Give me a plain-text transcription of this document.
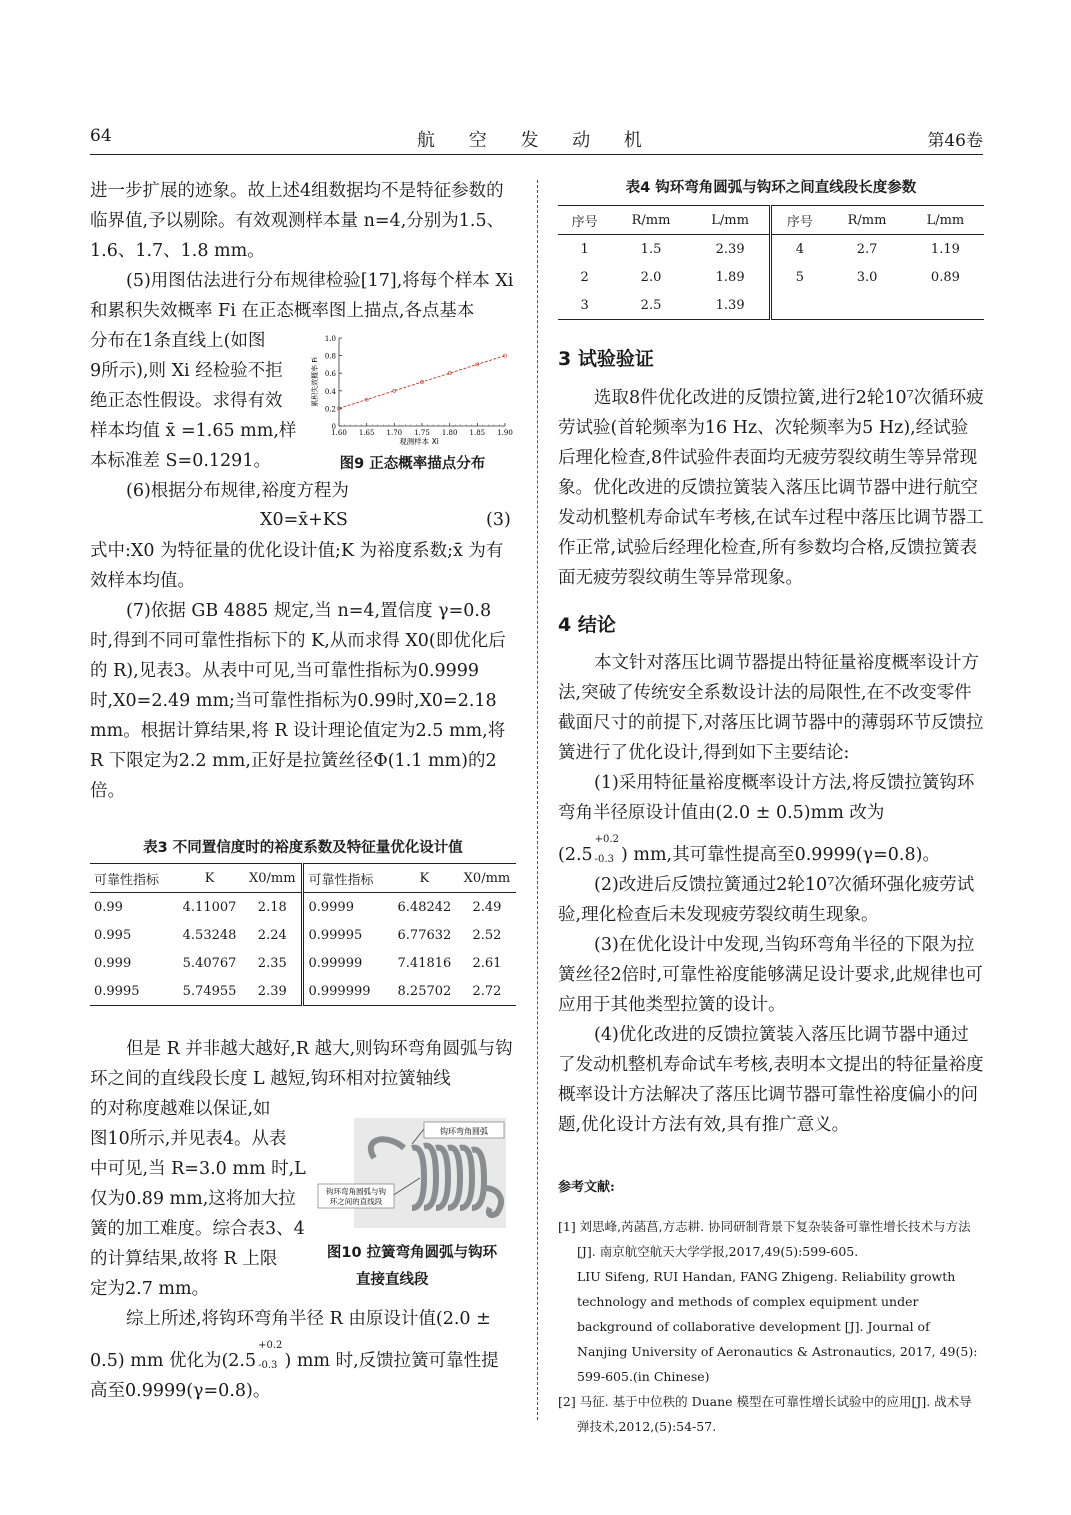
64	航 空 发 动 机	第46卷

进一步扩展的迹象。故上述4组数据均不是特征参数的临界值,予以剔除。有效观测样本量 n=4,分别为1.5、1.6、1.7、1.8 mm。

(5)用图估法进行分布规律检验[17],将每个样本 Xi 和累积失效概率 Fi 在正态概率图上描点,各点基本

分布在1条直线上(如图

9所示),则 Xi 经检验不拒

绝正态性假设。求得有效

样本均值 x̄ =1.65 mm,样

本标准差 S=0.1291。

0
0.2
0.4
0.6
0.8
1.0
1.60 1.65 1.70 1.75 1.80 1.85 1.90
观测样本 Xi
累积失效概率 Fi
图9 正态概率描点分布

(6)根据分布规律,裕度方程为

X0=x̄+KS	(3)

式中:X0 为特征量的优化设计值;K 为裕度系数;x̄ 为有效样本均值。

(7)依据 GB 4885 规定,当 n=4,置信度 γ=0.8 时,得到不同可靠性指标下的 K,从而求得 X0(即优化后的 R),见表3。从表中可见,当可靠性指标为0.9999时,X0=2.49 mm;当可靠性指标为0.99时,X0=2.18 mm。根据计算结果,将 R 设计理论值定为2.5 mm,将 R 下限定为2.2 mm,正好是拉簧丝径Φ(1.1 mm)的2倍。

表3 不同置信度时的裕度系数及特征量优化设计值
可靠性指标	K	X0/mm	可靠性指标	K	X0/mm
0.99	4.11007	2.18	0.9999	6.48242	2.49
0.995	4.53248	2.24	0.99995	6.77632	2.52
0.999	5.40767	2.35	0.99999	7.41816	2.61
0.9995	5.74955	2.39	0.999999	8.25702	2.72

但是 R 并非越大越好,R 越大,则钩环弯角圆弧与钩环之间的直线段长度 L 越短,钩环相对拉簧轴线

的对称度越难以保证,如

图10所示,并见表4。从表

中可见,当 R=3.0 mm 时,L

仅为0.89 mm,这将加大拉

簧的加工难度。综合表3、4

的计算结果,故将 R 上限

定为2.7 mm。

钩环弯角圆弧
钩环弯角圆弧与钩
环之间的直线段
图10 拉簧弯角圆弧与钩环
直接直线段

综上所述,将钩环弯角半径 R 由原设计值(2.0 ±

0.5) mm 优化为(2.5
+0.2
-0.3 ) mm 时,反馈拉簧可靠性提

高至0.9999(γ=0.8)。

表4 钩环弯角圆弧与钩环之间直线段长度参数
序号	R/mm	L/mm	序号	R/mm	L/mm
1	1.5	2.39	4	2.7	1.19
2	2.0	1.89	5	3.0	0.89
3	2.5	1.39			
3 试验验证

选取8件优化改进的反馈拉簧,进行2轮10⁷次循环疲劳试验(首轮频率为16 Hz、次轮频率为5 Hz),经试验后理化检查,8件试验件表面均无疲劳裂纹萌生等异常现象。优化改进的反馈拉簧装入落压比调节器中进行航空发动机整机寿命试车考核,在试车过程中落压比调节器工作正常,试验后经理化检查,所有参数均合格,反馈拉簧表面无疲劳裂纹萌生等异常现象。

4 结论

本文针对落压比调节器提出特征量裕度概率设计方法,突破了传统安全系数设计法的局限性,在不改变零件截面尺寸的前提下,对落压比调节器中的薄弱环节反馈拉簧进行了优化设计,得到如下主要结论:

(1)采用特征量裕度概率设计方法,将反馈拉簧钩环弯角半径原设计值由(2.0 ± 0.5)mm 改为

(2.5
+0.2
-0.3 ) mm,其可靠性提高至0.9999(γ=0.8)。

(2)改进后反馈拉簧通过2轮10⁷次循环强化疲劳试验,理化检查后未发现疲劳裂纹萌生现象。

(3)在优化设计中发现,当钩环弯角半径的下限为拉簧丝径2倍时,可靠性裕度能够满足设计要求,此规律也可应用于其他类型拉簧的设计。

(4)优化改进的反馈拉簧装入落压比调节器中通过了发动机整机寿命试车考核,表明本文提出的特征量裕度概率设计方法解决了落压比调节器可靠性裕度偏小的问题,优化设计方法有效,具有推广意义。

参考文献:

[1] 刘思峰,芮菡菖,方志耕. 协同研制背景下复杂装备可靠性增长技术与方法[J]. 南京航空航天大学学报,2017,49(5):599-605.

LIU Sifeng, RUI Handan, FANG Zhigeng. Reliability growth technology and methods of complex equipment under background of collaborative development [J]. Journal of Nanjing University of Aeronautics & Astronautics, 2017, 49(5): 599-605.(in Chinese)

[2] 马征. 基于中位秩的 Duane 模型在可靠性增长试验中的应用[J]. 战术导弹技术,2012,(5):54-57.
